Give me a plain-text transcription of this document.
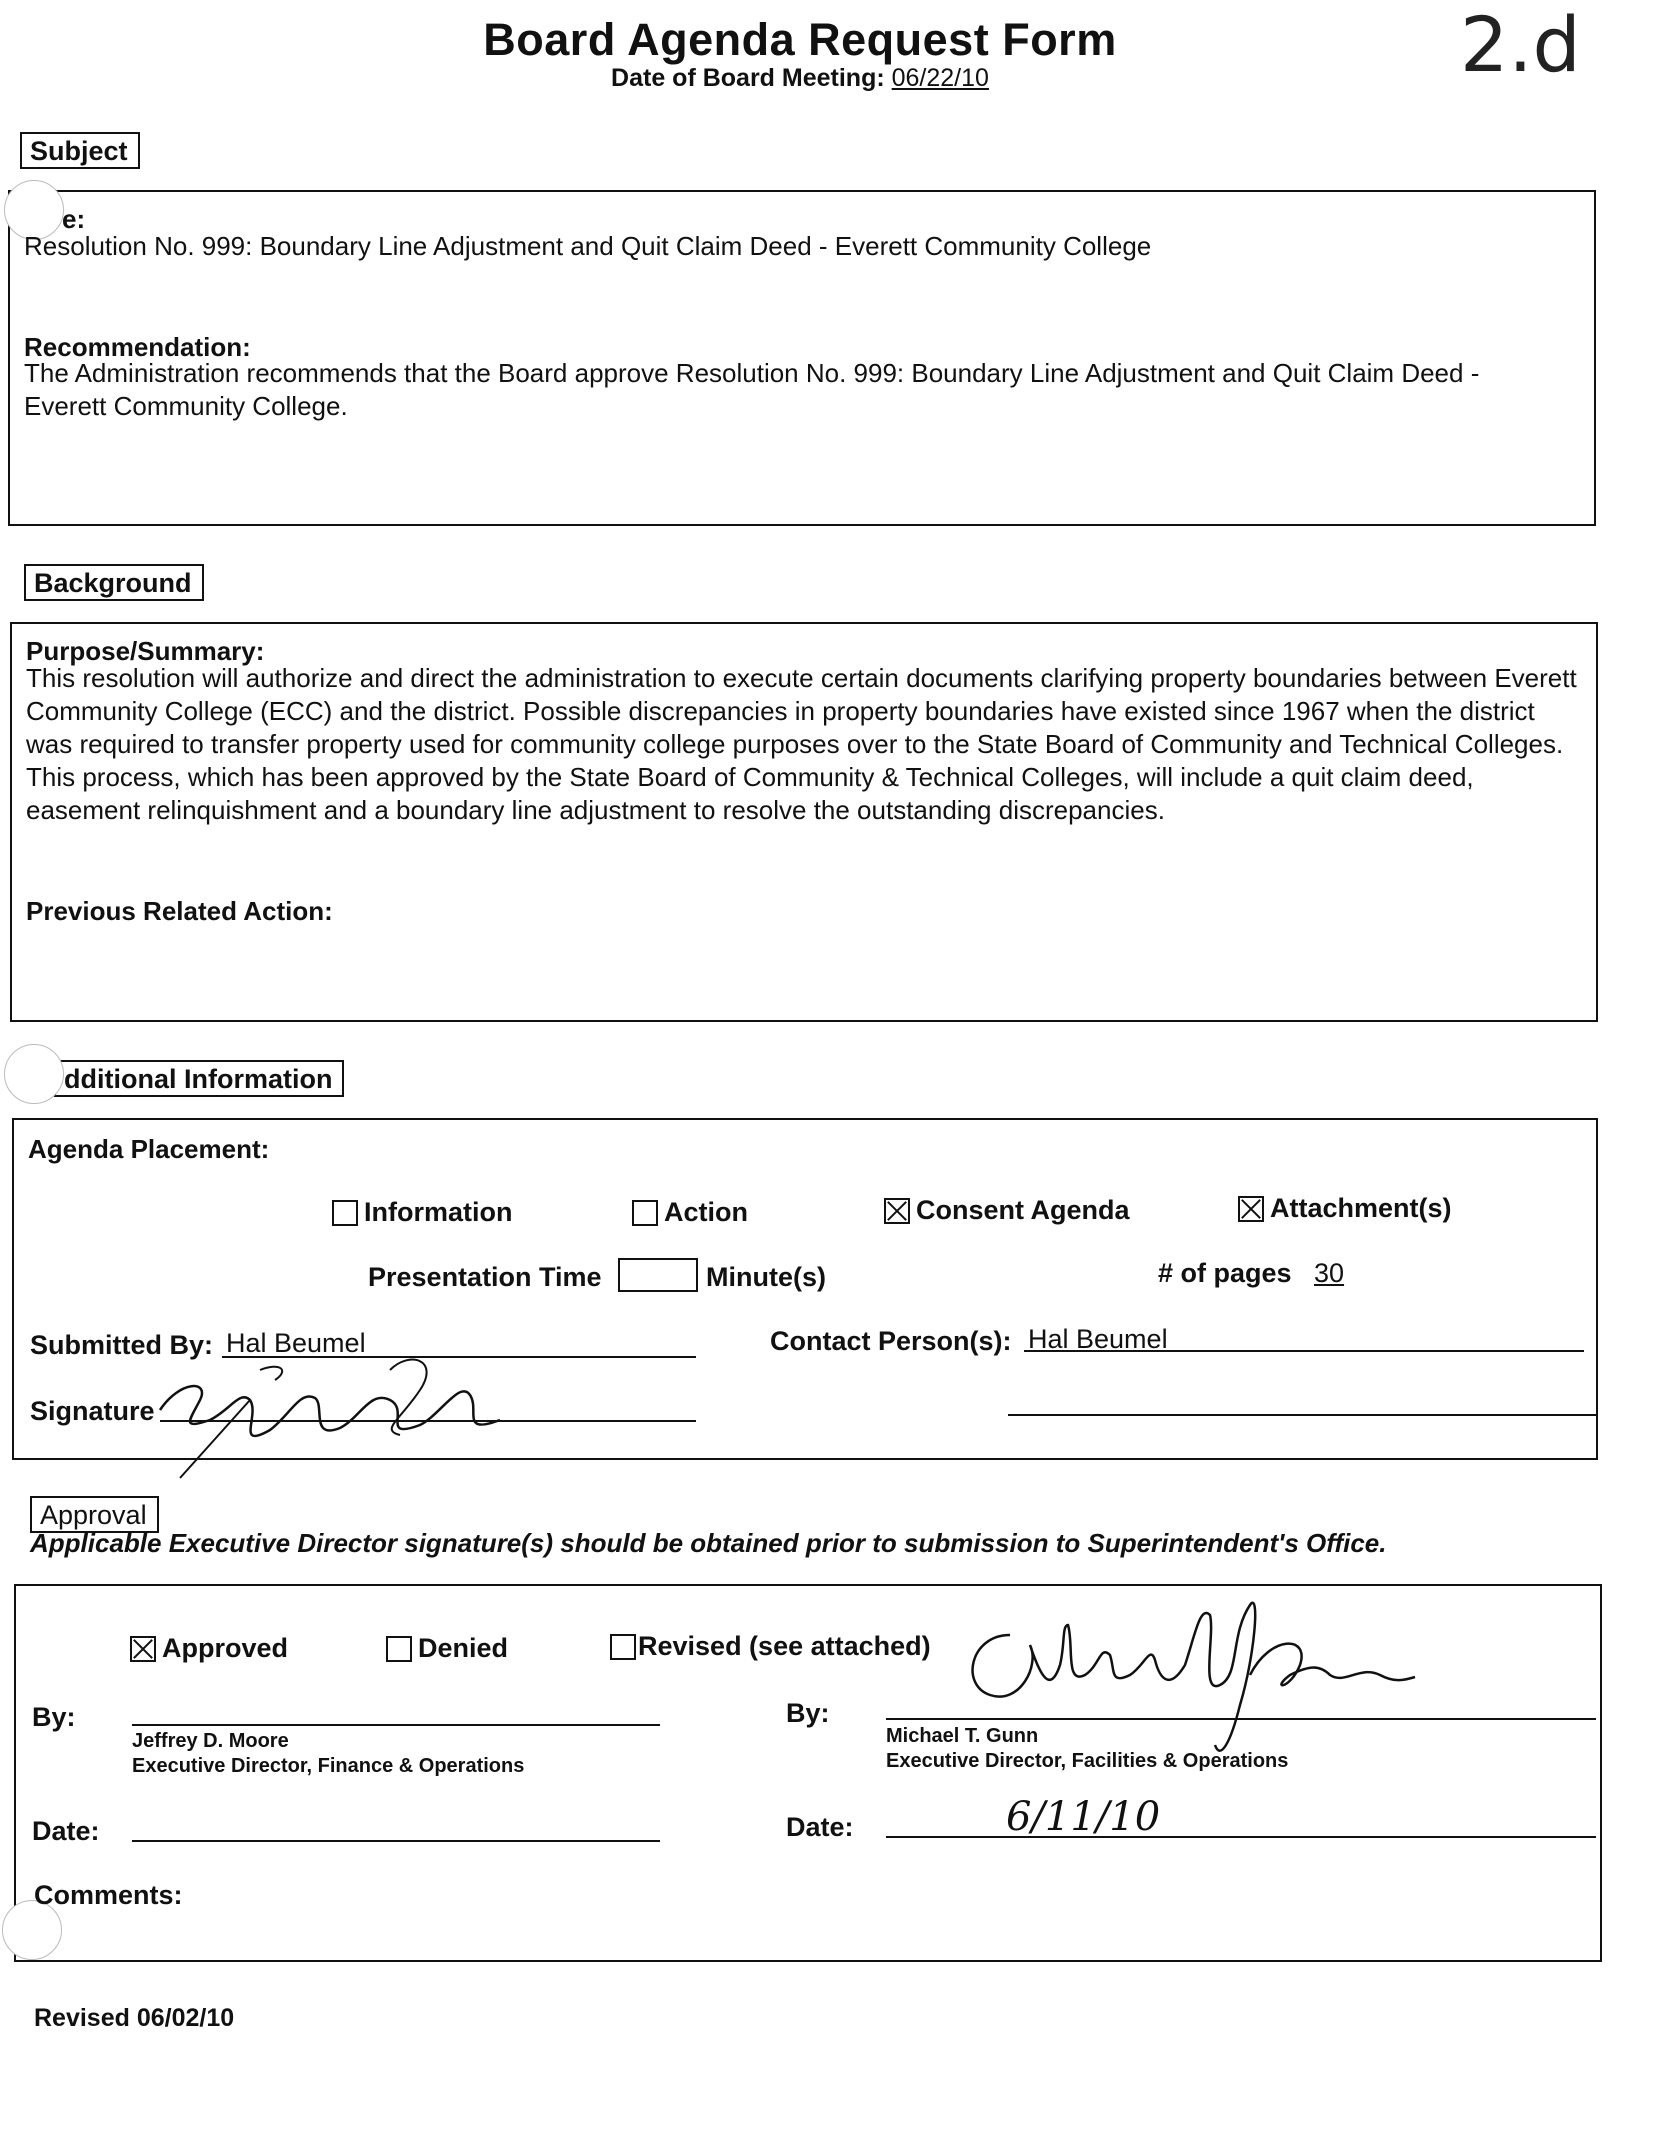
Board Agenda Request Form
Date of Board Meeting: 06/22/10	2.d
Subject
e:
Resolution No. 999: Boundary Line Adjustment and Quit Claim Deed - Everett Community College
Recommendation:
The Administration recommends that the Board approve Resolution No. 999: Boundary Line Adjustment and Quit Claim Deed - Everett Community College.
Background
Purpose/Summary:
This resolution will authorize and direct the administration to execute certain documents clarifying property boundaries between Everett Community College (ECC) and the district. Possible discrepancies in property boundaries have existed since 1967 when the district was required to transfer property used for community college purposes over to the State Board of Community and Technical Colleges. This process, which has been approved by the State Board of Community & Technical Colleges, will include a quit claim deed, easement relinquishment and a boundary line adjustment to resolve the outstanding discrepancies.
Previous Related Action:
dditional Information
Agenda Placement:
Information	Action	Consent Agenda	Attachment(s)
Presentation Time	Minute(s)	# of pages 30
Submitted By: Hal Beumel	Contact Person(s): Hal Beumel
Signature
Approval
Applicable Executive Director signature(s) should be obtained prior to submission to Superintendent's Office.
Approved	Denied	Revised (see attached)
By:
Jeffrey D. Moore
Executive Director, Finance & Operations
By:
Michael T. Gunn
Executive Director, Facilities & Operations
Date:	Date:	6/11/10
Comments:
Revised 06/02/10
